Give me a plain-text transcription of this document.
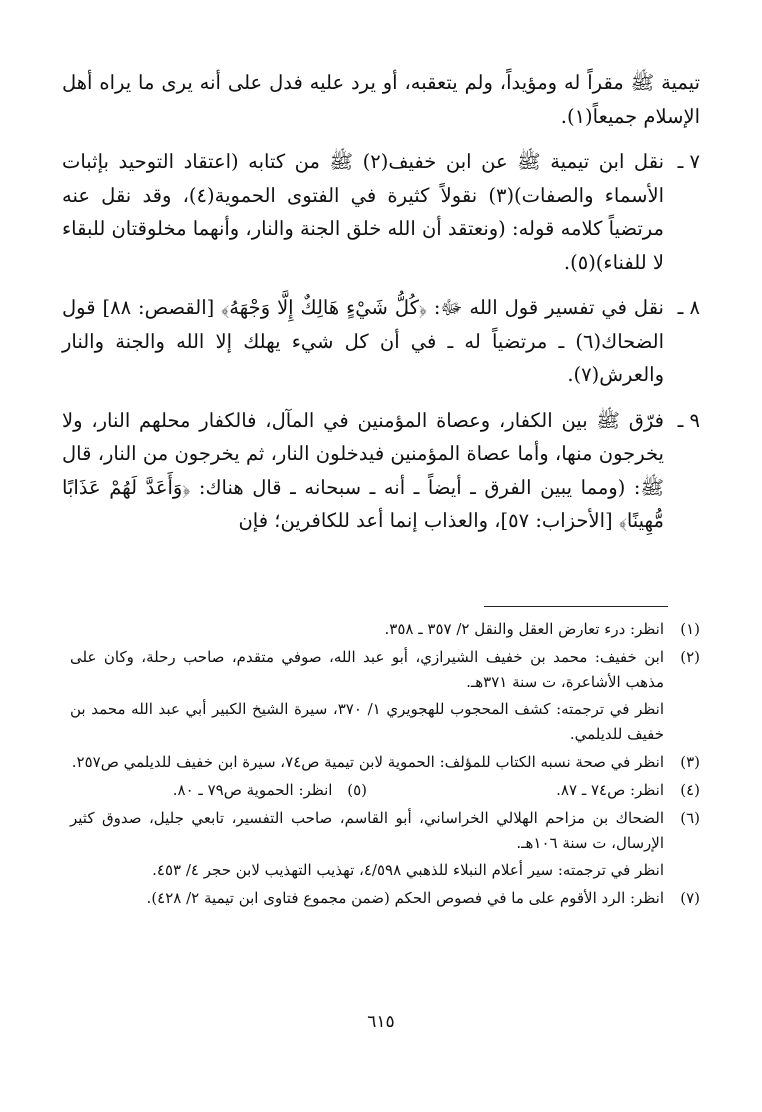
تيمية ﷺ مقراً له ومؤيداً، ولم يتعقبه، أو يرد عليه فدل على أنه يرى ما يراه أهل الإسلام جميعاً(١).

٧ ـ
نقل ابن تيمية ﷺ عن ابن خفيف(٢) ﷺ من كتابه (اعتقاد التوحيد بإثبات الأسماء والصفات)(٣) نقولاً كثيرة في الفتوى الحموية(٤)، وقد نقل عنه مرتضياً كلامه قوله: (ونعتقد أن الله خلق الجنة والنار، وأنهما مخلوقتان للبقاء لا للفناء)(٥).
٨ ـ
نقل في تفسير قول الله ﷻ: ﴿كُلُّ شَيْءٍ هَالِكٌ إِلَّا وَجْهَهُ﴾ [القصص: ٨٨] قول الضحاك(٦) ـ مرتضياً له ـ في أن كل شيء يهلك إلا الله والجنة والنار والعرش(٧).
٩ ـ
فرّق ﷺ بين الكفار، وعصاة المؤمنين في المآل، فالكفار محلهم النار، ولا يخرجون منها، وأما عصاة المؤمنين فيدخلون النار، ثم يخرجون من النار، قال ﷺ: (ومما يبين الفرق ـ أيضاً ـ أنه ـ سبحانه ـ قال هناك: ﴿وَأَعَدَّ لَهُمْ عَذَابًا مُّهِينًا﴾ [الأحزاب: ٥٧]، والعذاب إنما أعد للكافرين؛ فإن
(١)
انظر: درء تعارض العقل والنقل ٢/ ٣٥٧ ـ ٣٥٨.
(٢)
ابن خفيف: محمد بن خفيف الشيرازي، أبو عبد الله، صوفي متقدم، صاحب رحلة، وكان على مذهب الأشاعرة، ت سنة ٣٧١هـ.
انظر في ترجمته: كشف المحجوب للهجويري ١/ ٣٧٠، سيرة الشيخ الكبير أبي عبد الله محمد بن خفيف للديلمي.
(٣)
انظر في صحة نسبه الكتاب للمؤلف: الحموية لابن تيمية ص٧٤، سيرة ابن خفيف للديلمي ص٢٥٧.
(٤)
انظر: ص٧٤ ـ ٨٧.
(٥) انظر: الحموية ص٧٩ ـ ٨٠.
(٦)
الضحاك بن مزاحم الهلالي الخراساني، أبو القاسم، صاحب التفسير، تابعي جليل، صدوق كثير الإرسال، ت سنة ١٠٦هـ.
انظر في ترجمته: سير أعلام النبلاء للذهبي ٤/٥٩٨، تهذيب التهذيب لابن حجر ٤/ ٤٥٣.
(٧)
انظر: الرد الأقوم على ما في فصوص الحكم (ضمن مجموع فتاوى ابن تيمية ٢/ ٤٢٨).
٦١٥
